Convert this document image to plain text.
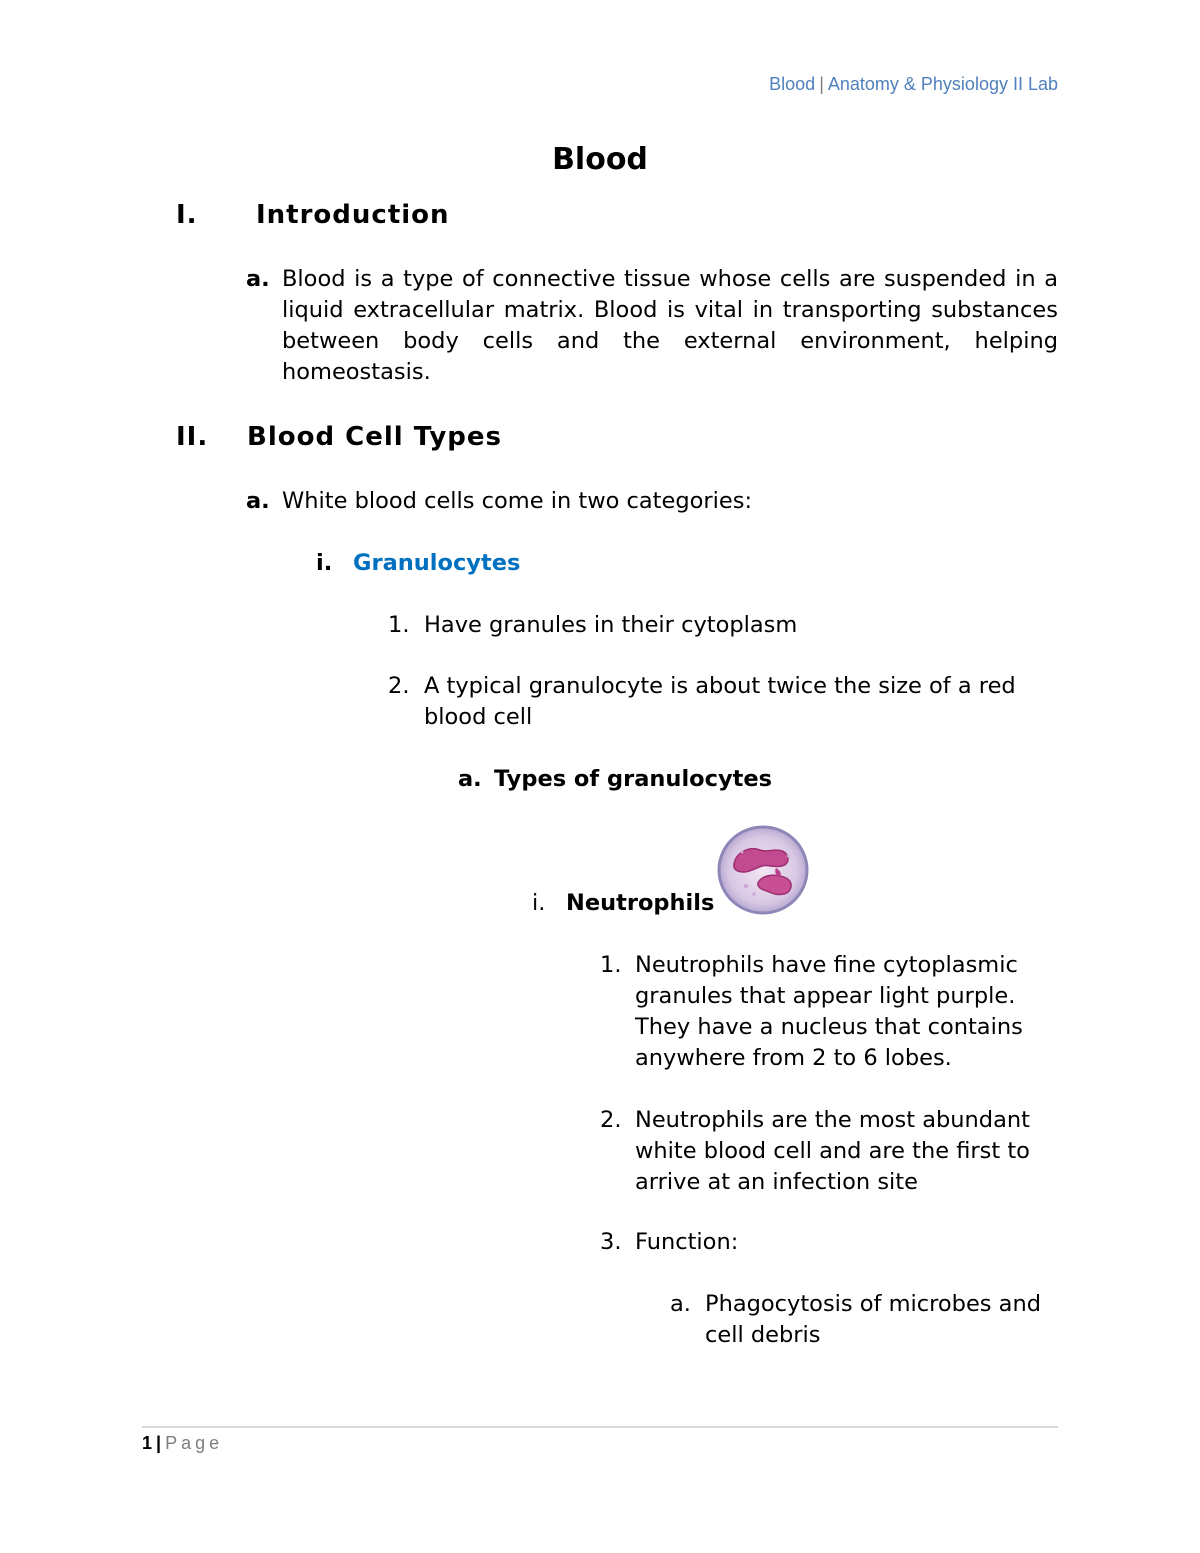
Blood | Anatomy & Physiology II Lab
Blood
I. Introduction
a. Blood is a type of connective tissue whose cells are suspended in a liquid extracellular matrix. Blood is vital in transporting substances between body cells and the external environment, helping homeostasis.

II. Blood Cell Types
a. White blood cells come in two categories:
i. Granulocytes
1. Have granules in their cytoplasm
2. A typical granulocyte is about twice the size of a red
blood cell
a. Types of granulocytes
i. Neutrophils
1. Neutrophils have fine cytoplasmic
granules that appear light purple.
They have a nucleus that contains
anywhere from 2 to 6 lobes.
2. Neutrophils are the most abundant
white blood cell and are the first to
arrive at an infection site
3. Function:
a. Phagocytosis of microbes and
cell debris
1 | Page
